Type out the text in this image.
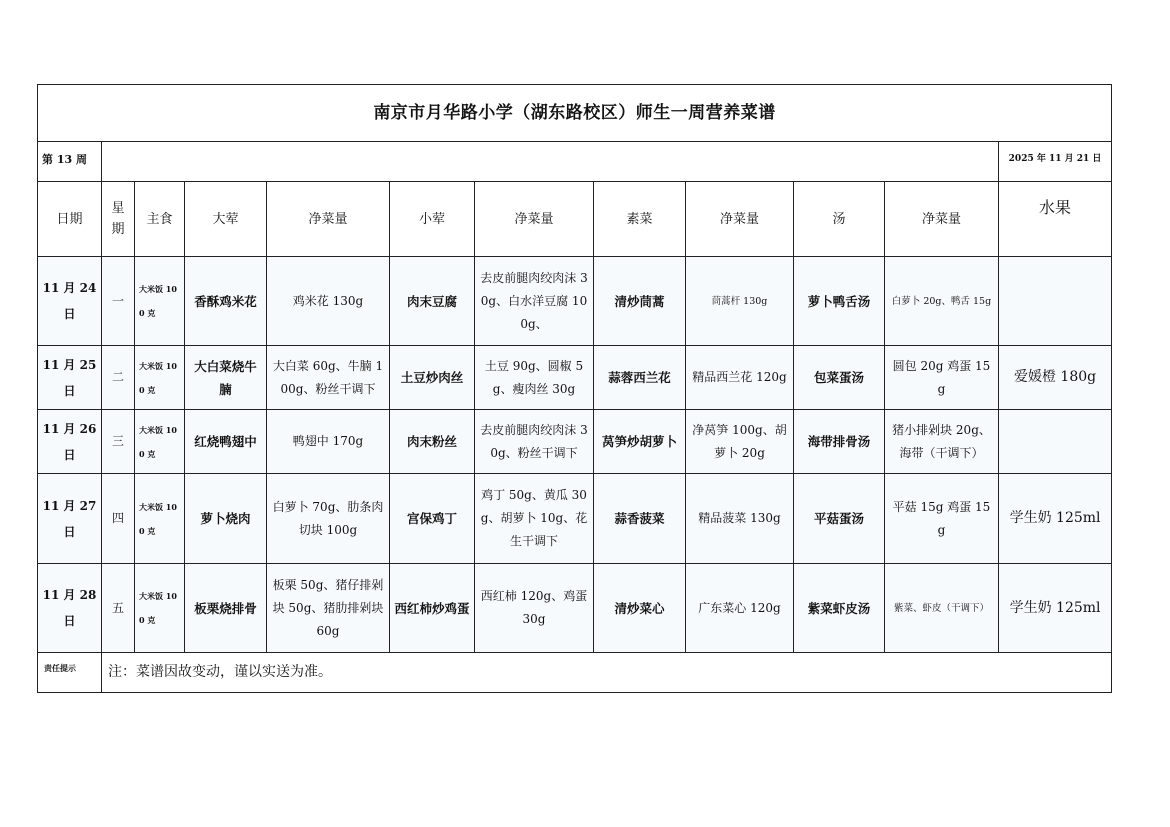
南京市月华路小学（湖东路校区）师生一周营养菜谱											
第 13 周											2025 年 11 月 21 日
日期	星期	主食	大荤	净菜量	小荤	净菜量	素菜	净菜量	汤	净菜量	水果
11 月 24 日	一	大米饭 100 克	香酥鸡米花	鸡米花 130g	肉末豆腐	去皮前腿肉绞肉沫 30g、白水洋豆腐 100g、	清炒茼蒿	茼蒿杆 130g	萝卜鸭舌汤	白萝卜 20g、鸭舌 15g	
11 月 25 日	二	大米饭 100 克	大白菜烧牛腩	大白菜 60g、牛腩 100g、粉丝干调下	土豆炒肉丝	土豆 90g、圆椒 5g、瘦肉丝 30g	蒜蓉西兰花	精品西兰花 120g	包菜蛋汤	圆包 20g 鸡蛋 15g	爱媛橙 180g
11 月 26 日	三	大米饭 100 克	红烧鸭翅中	鸭翅中 170g	肉末粉丝	去皮前腿肉绞肉沫 30g、粉丝干调下	莴笋炒胡萝卜	净莴笋 100g、胡萝卜 20g	海带排骨汤	猪小排剁块 20g、海带（干调下）	
11 月 27 日	四	大米饭 100 克	萝卜烧肉	白萝卜 70g、肋条肉切块 100g	宫保鸡丁	鸡丁 50g、黄瓜 30g、胡萝卜 10g、花生干调下	蒜香菠菜	精品菠菜 130g	平菇蛋汤	平菇 15g 鸡蛋 15g	学生奶 125ml
11 月 28 日	五	大米饭 100 克	板栗烧排骨	板栗 50g、猪仔排剁块 50g、猪肋排剁块 60g	西红柿炒鸡蛋	西红柿 120g、鸡蛋 30g	清炒菜心	广东菜心 120g	紫菜虾皮汤	紫菜、虾皮（干调下）	学生奶 125ml
责任提示	注：菜谱因故变动，谨以实送为准。										
